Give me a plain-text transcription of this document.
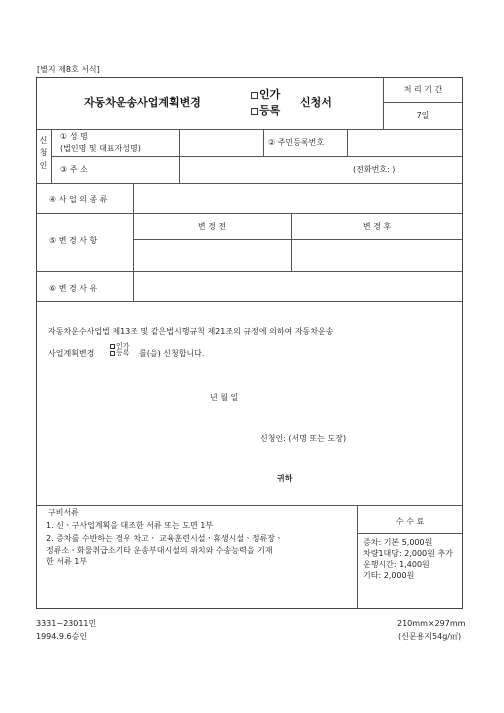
[별지 제8호 서식]
자동차운송사업계획변경
인가
등록
신청서
처 리 기 간
7일
신
청
인
① 성 명
(법인명 및 대표자성명)
② 주민등록번호
③ 주 소	(전화번호: )
④ 사 업 의 종 류
⑤ 변 경 사 항
변 경 전	변 경 후
⑥ 변 경 사 유
자동차운수사업법 제13조 및 같은법시행규칙 제21조의 규정에 의하여 자동차운송
사업계획변경
인가
등록 를(을) 신청합니다.
년 월 일
신청인: (서명 또는 도장)
귀하
구비서류
1. 신ㆍ구사업계획을 대조한 서류 또는 도면 1부
2. 증차를 수반하는 경우 차고ㆍ 교육훈련시설ㆍ휴생시설ㆍ정류장ㆍ
정류소ㆍ화물취급소기타 운송부대시설의 위치와 수송능력을 기재
한 서류 1부
수 수 료
증차: 기본 5,000원
차량1대당: 2,000원 추가
운행시간: 1,400원
기타: 2,000원
3331~23011민
1994.9.6승인
210mm×297mm
(신문용지54g/㎡)
